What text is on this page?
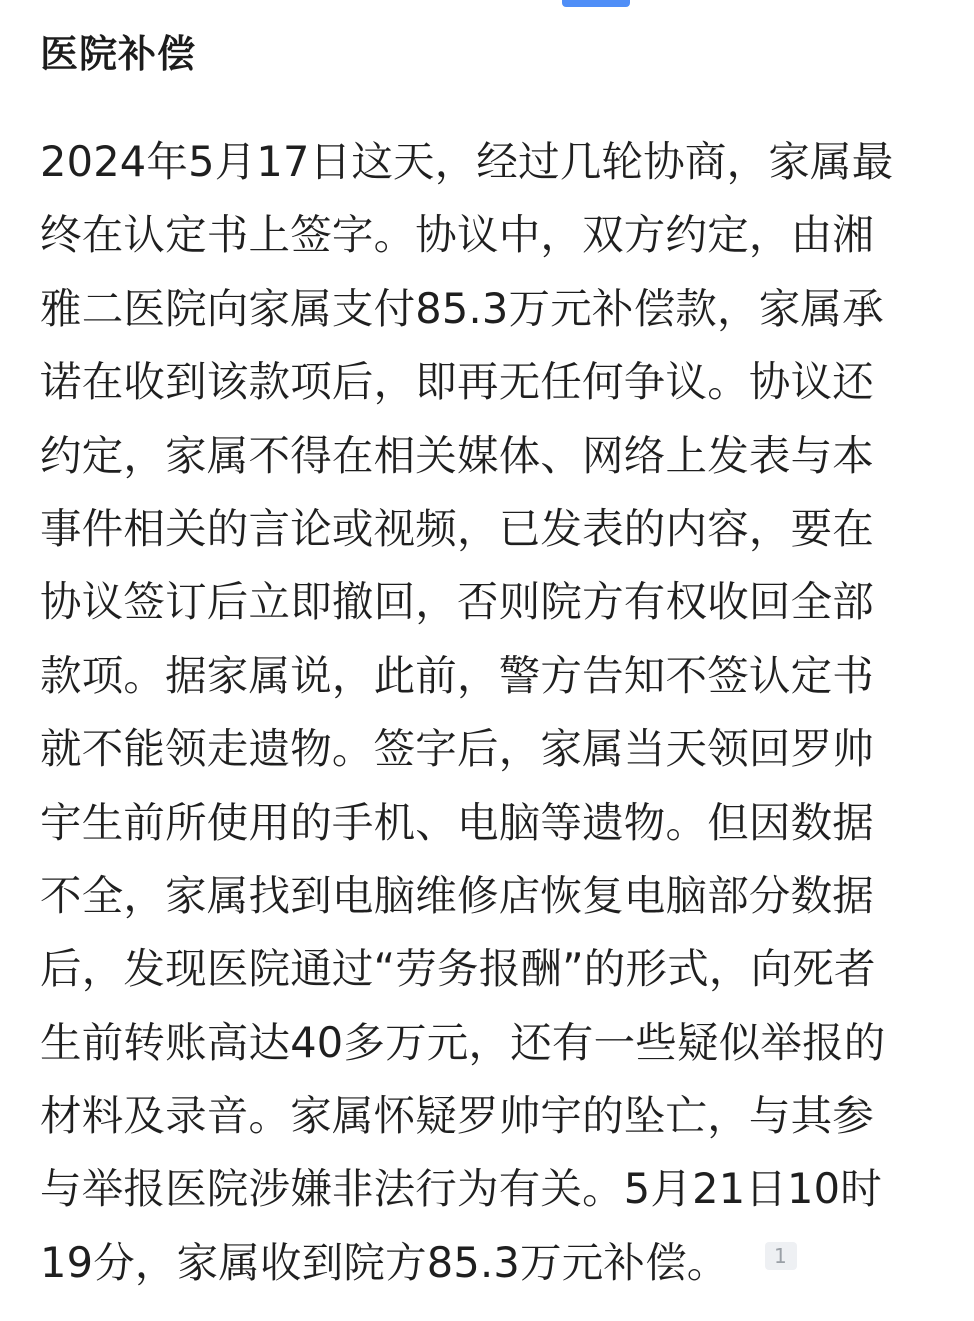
医院补偿
2024年5月17日这天，经过几轮协商，家属最
终在认定书上签字。协议中，双方约定，由湘
雅二医院向家属支付85.3万元补偿款，家属承
诺在收到该款项后，即再无任何争议。协议还
约定，家属不得在相关媒体、网络上发表与本
事件相关的言论或视频，已发表的内容，要在
协议签订后立即撤回，否则院方有权收回全部
款项。据家属说，此前，警方告知不签认定书
就不能领走遗物。签字后，家属当天领回罗帅
宇生前所使用的手机、电脑等遗物。但因数据
不全，家属找到电脑维修店恢复电脑部分数据
后，发现医院通过“劳务报酬”的形式，向死者
生前转账高达40多万元，还有一些疑似举报的
材料及录音。家属怀疑罗帅宇的坠亡，与其参
与举报医院涉嫌非法行为有关。5月21日10时
19分，家属收到院方85.3万元补偿。 1
